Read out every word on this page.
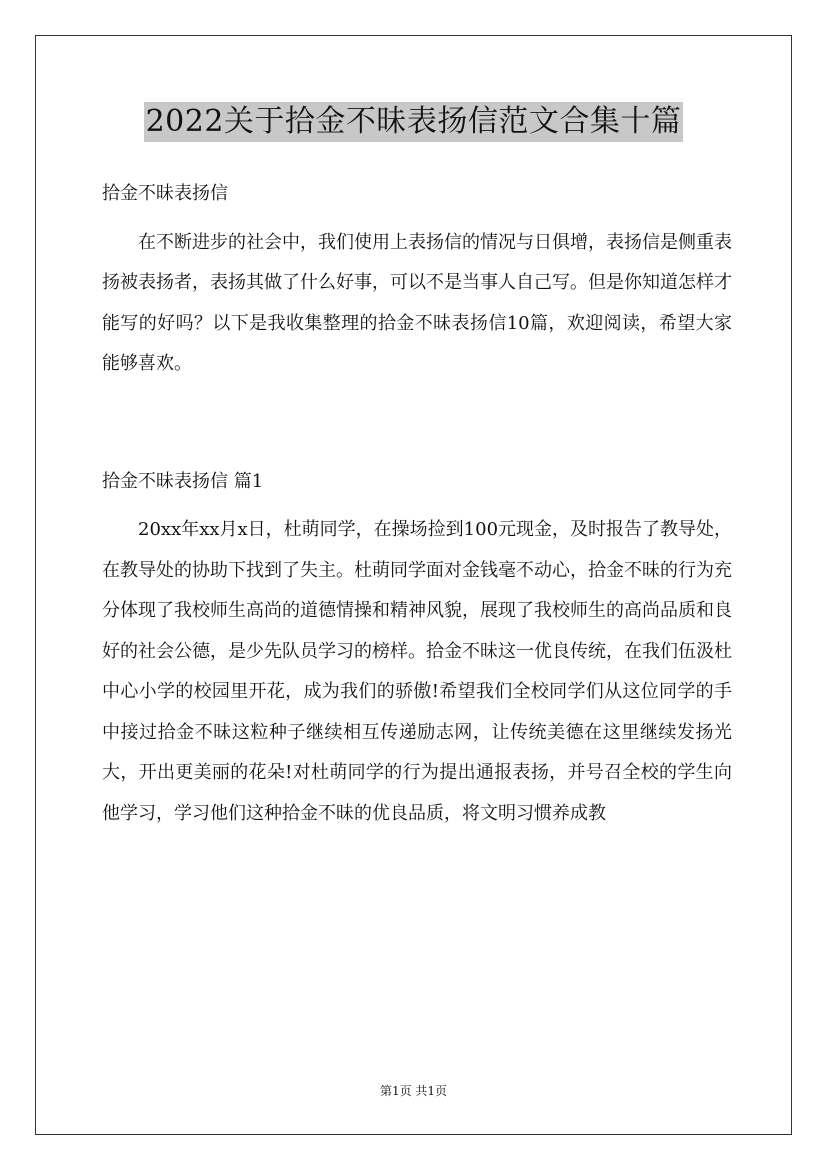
2022关于拾金不昧表扬信范文合集十篇

拾金不昧表扬信

在不断进步的社会中，我们使用上表扬信的情况与日俱增，表扬信是侧重表扬被表扬者，表扬其做了什么好事，可以不是当事人自己写。但是你知道怎样才能写的好吗？以下是我收集整理的拾金不昧表扬信10篇，欢迎阅读，希望大家能够喜欢。

拾金不昧表扬信 篇1

20xx年xx月x日，杜萌同学，在操场捡到100元现金，及时报告了教导处，在教导处的协助下找到了失主。杜萌同学面对金钱毫不动心，拾金不昧的行为充分体现了我校师生高尚的道德情操和精神风貌，展现了我校师生的高尚品质和良好的社会公德，是少先队员学习的榜样。拾金不昧这一优良传统，在我们伍汲杜中心小学的校园里开花，成为我们的骄傲!希望我们全校同学们从这位同学的手中接过拾金不昧这粒种子继续相互传递励志网，让传统美德在这里继续发扬光大，开出更美丽的花朵!对杜萌同学的行为提出通报表扬，并号召全校的学生向他学习，学习他们这种拾金不昧的优良品质，将文明习惯养成教

第1页 共1页
